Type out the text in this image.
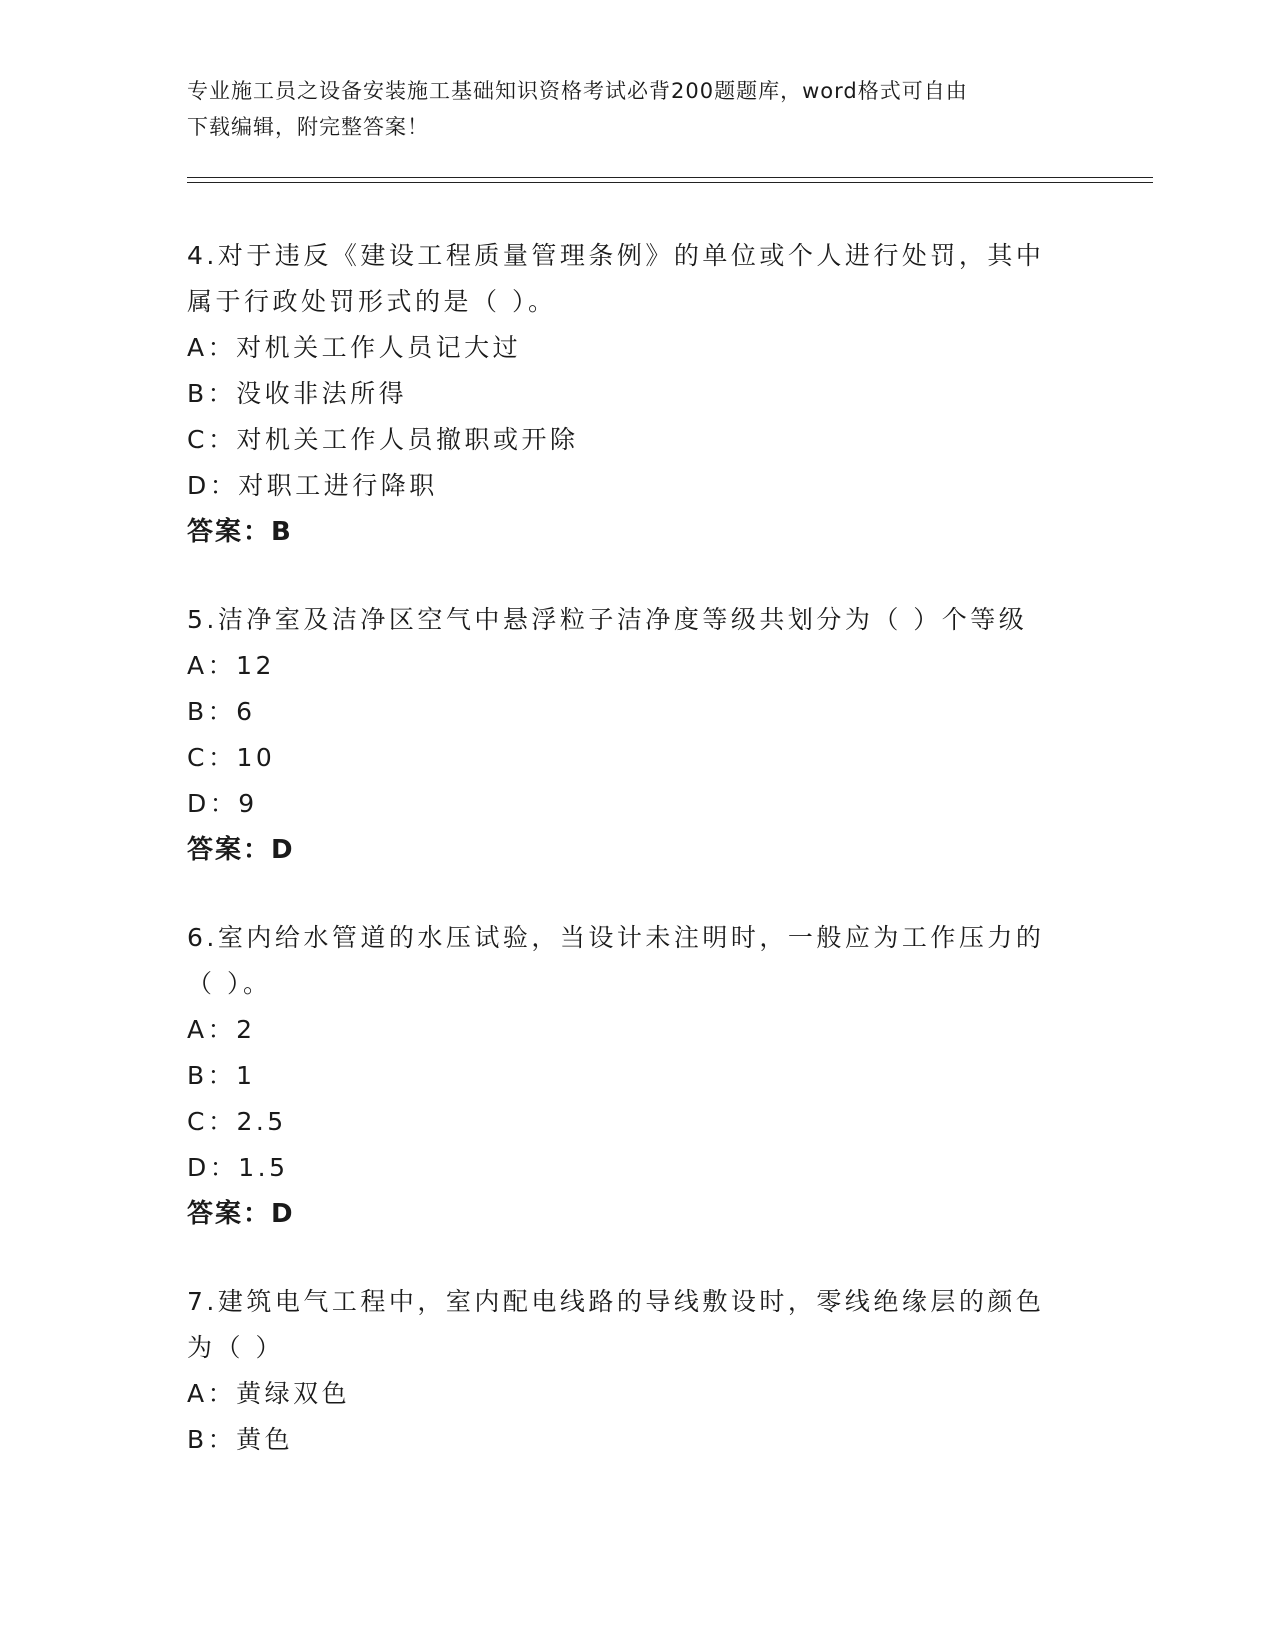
专业施工员之设备安装施工基础知识资格考试必背200题题库，word格式可自由
下载编辑，附完整答案！
4.对于违反《建设工程质量管理条例》的单位或个人进行处罚，其中
属于行政处罚形式的是（ ）。
A：对机关工作人员记大过
B：没收非法所得
C：对机关工作人员撤职或开除
D：对职工进行降职
答案：B
5.洁净室及洁净区空气中悬浮粒子洁净度等级共划分为（ ）个等级
A：12
B：6
C：10
D：9
答案：D
6.室内给水管道的水压试验，当设计未注明时，一般应为工作压力的
（ ）。
A：2
B：1
C：2.5
D：1.5
答案：D
7.建筑电气工程中，室内配电线路的导线敷设时，零线绝缘层的颜色
为（ ）
A：黄绿双色
B：黄色
